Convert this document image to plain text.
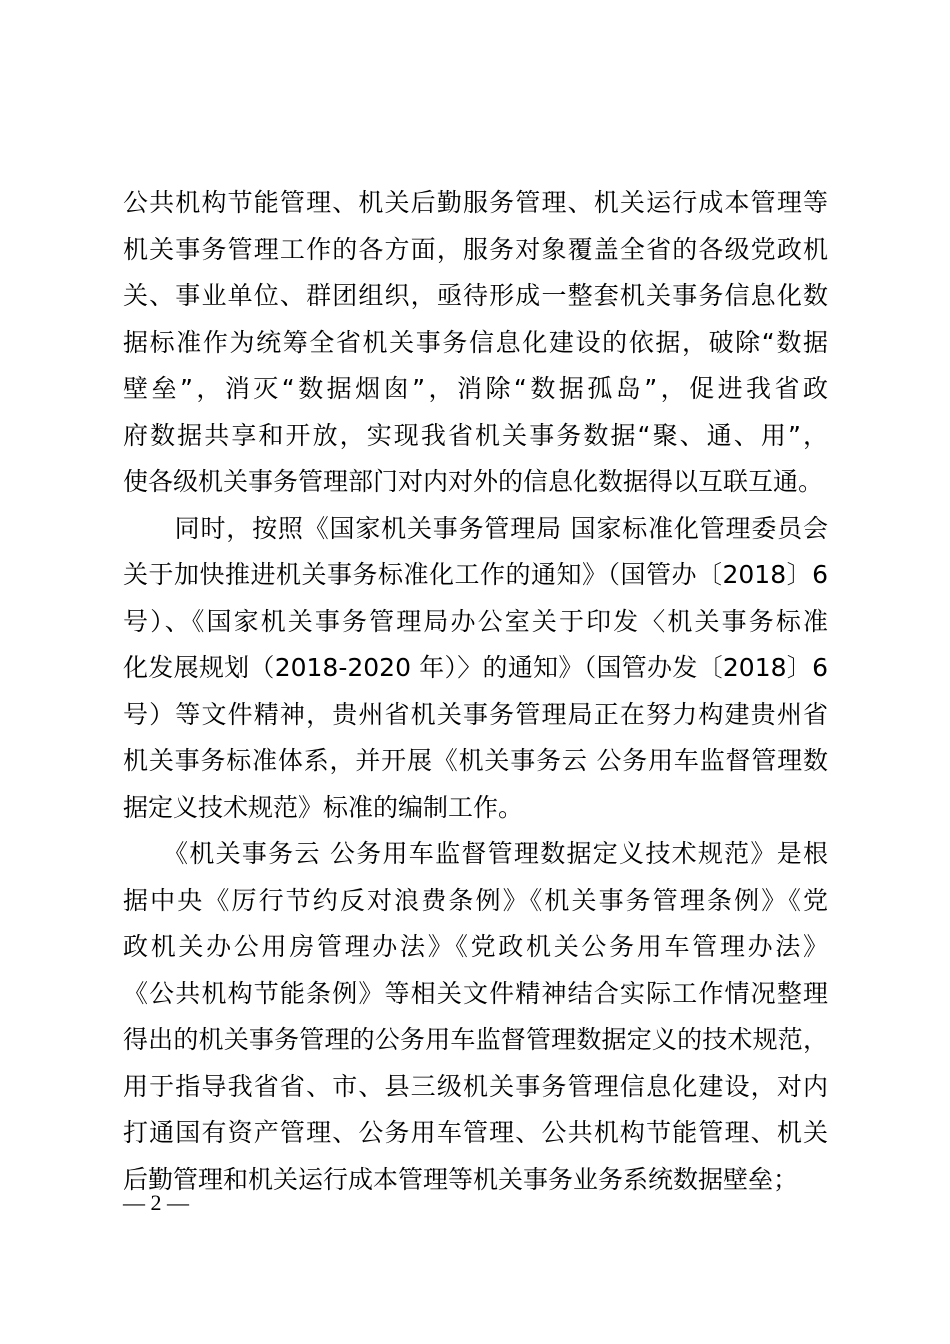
公共机构节能管理、机关后勤服务管理、机关运行成本管理等
机关事务管理工作的各方面，服务对象覆盖全省的各级党政机
关、事业单位、群团组织，亟待形成一整套机关事务信息化数
据标准作为统筹全省机关事务信息化建设的依据，破除“数据
壁垒”，消灭“数据烟囱”，消除“数据孤岛”，促进我省政
府数据共享和开放，实现我省机关事务数据“聚、通、用”，
使各级机关事务管理部门对内对外的信息化数据得以互联互通。
　　同时，按照《国家机关事务管理局 国家标准化管理委员会
关于加快推进机关事务标准化工作的通知》（国管办〔2018〕6
号）、《国家机关事务管理局办公室关于印发〈机关事务标准
化发展规划（2018-2020 年）〉的通知》（国管办发〔2018〕6
号）等文件精神，贵州省机关事务管理局正在努力构建贵州省
机关事务标准体系，并开展《机关事务云 公务用车监督管理数
据定义技术规范》标准的编制工作。
　　《机关事务云 公务用车监督管理数据定义技术规范》是根
据中央《厉行节约反对浪费条例》《机关事务管理条例》《党
政机关办公用房管理办法》《党政机关公务用车管理办法》
《公共机构节能条例》等相关文件精神结合实际工作情况整理
得出的机关事务管理的公务用车监督管理数据定义的技术规范，
用于指导我省省、市、县三级机关事务管理信息化建设，对内
打通国有资产管理、公务用车管理、公共机构节能管理、机关
后勤管理和机关运行成本管理等机关事务业务系统数据壁垒；
— 2 —
